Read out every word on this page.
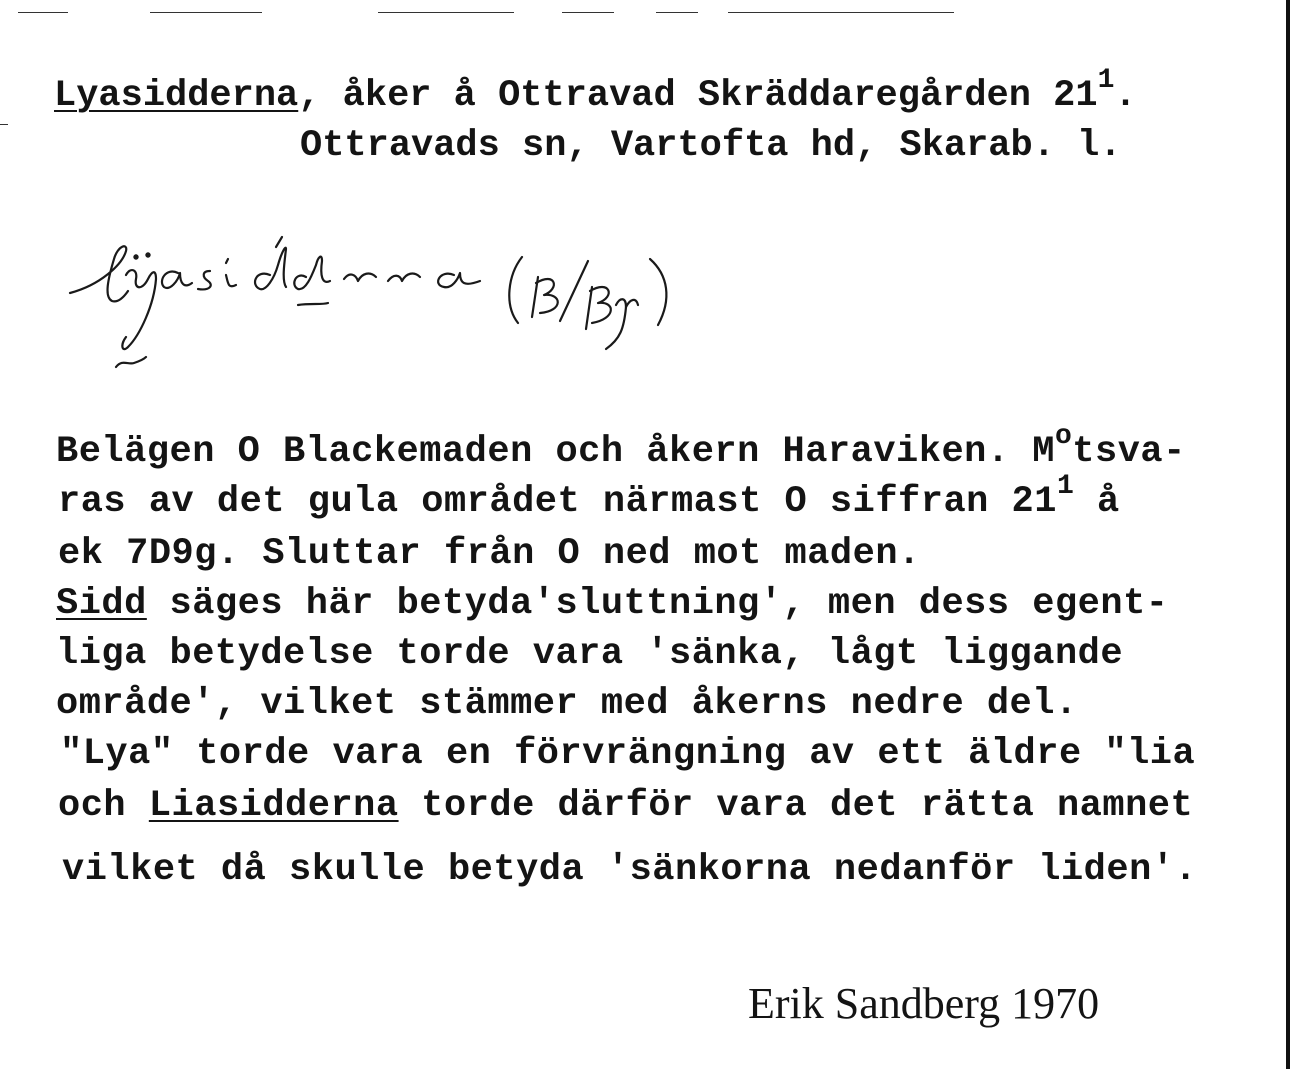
Lyasidderna, åker å Ottravad Skräddaregården $21^1$.
Ottravads sn, Vartofta hd, Skarab. l.
Belägen O Blackemaden och åkern Haraviken. $M^otsva-$
ras av det gula området närmast O siffran $21^1$ å
ek 7D9g. Sluttar från O ned mot maden.
Sidd säges här betyda'sluttning', men dess egent-
liga betydelse torde vara 'sänka, lågt liggande
område', vilket stämmer med åkerns nedre del.
"Lya" torde vara en förvrängning av ett äldre "lia
och Liasidderna torde därför vara det rätta namnet
vilket då skulle betyda 'sänkorna nedanför liden'.
Erik Sandberg 1970
